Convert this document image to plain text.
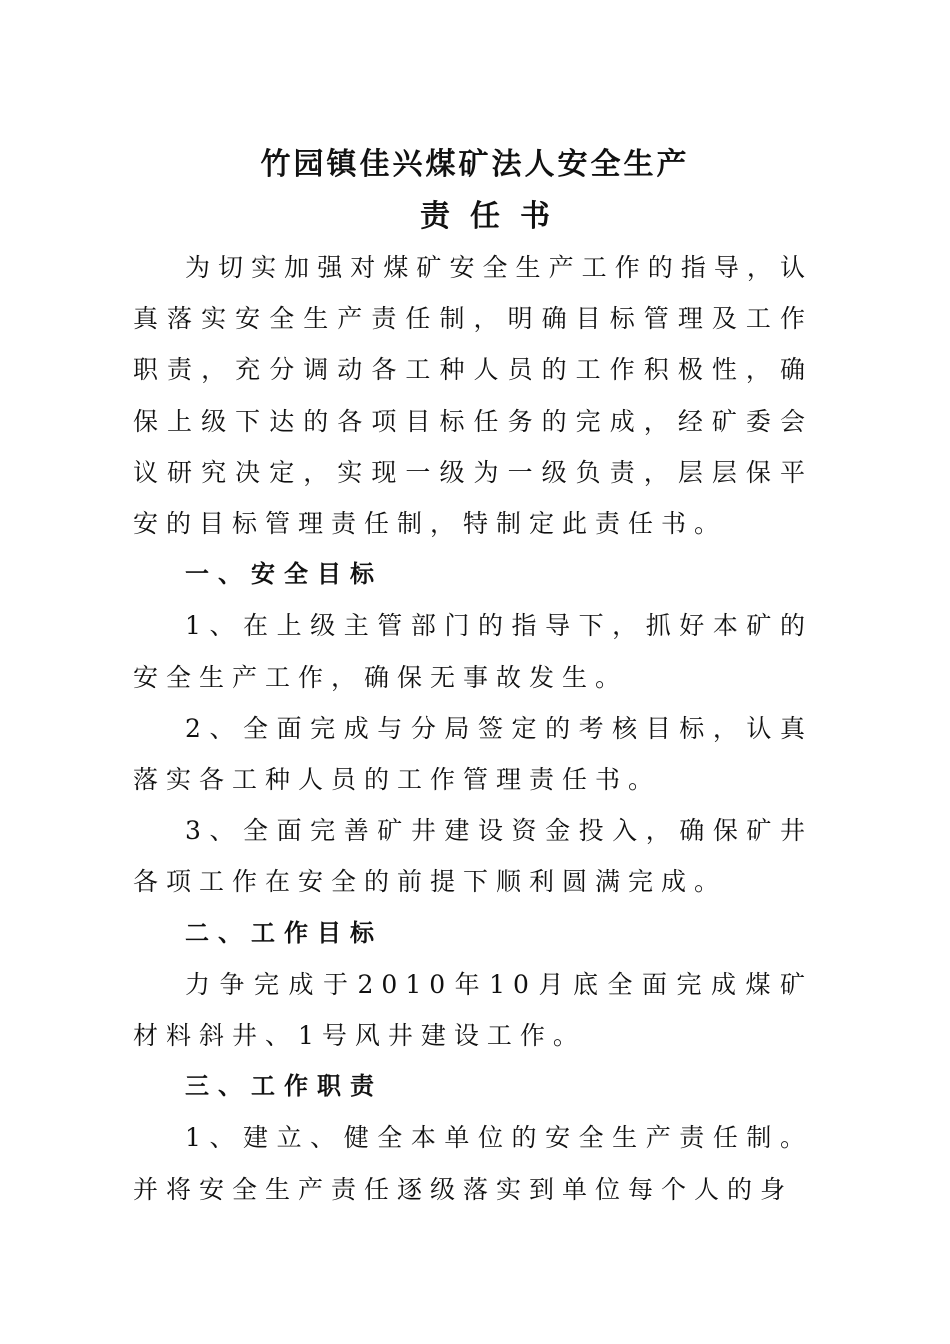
竹园镇佳兴煤矿法人安全生产
责任书

为切实加强对煤矿安全生产工作的指导，认真落实安全生产责任制，明确目标管理及工作职责，充分调动各工种人员的工作积极性，确保上级下达的各项目标任务的完成，经矿委会议研究决定，实现一级为一级负责，层层保平安的目标管理责任制，特制定此责任书。

一、安全目标

1、在上级主管部门的指导下，抓好本矿的安全生产工作，确保无事故发生。

2、全面完成与分局签定的考核目标，认真落实各工种人员的工作管理责任书。

3、全面完善矿井建设资金投入，确保矿井各项工作在安全的前提下顺利圆满完成。

二、工作目标

力争完成于2010年10月底全面完成煤矿材料斜井、1号风井建设工作。

三、工作职责

1、建立、健全本单位的安全生产责任制。并将安全生产责任逐级落实到单位每个人的身
